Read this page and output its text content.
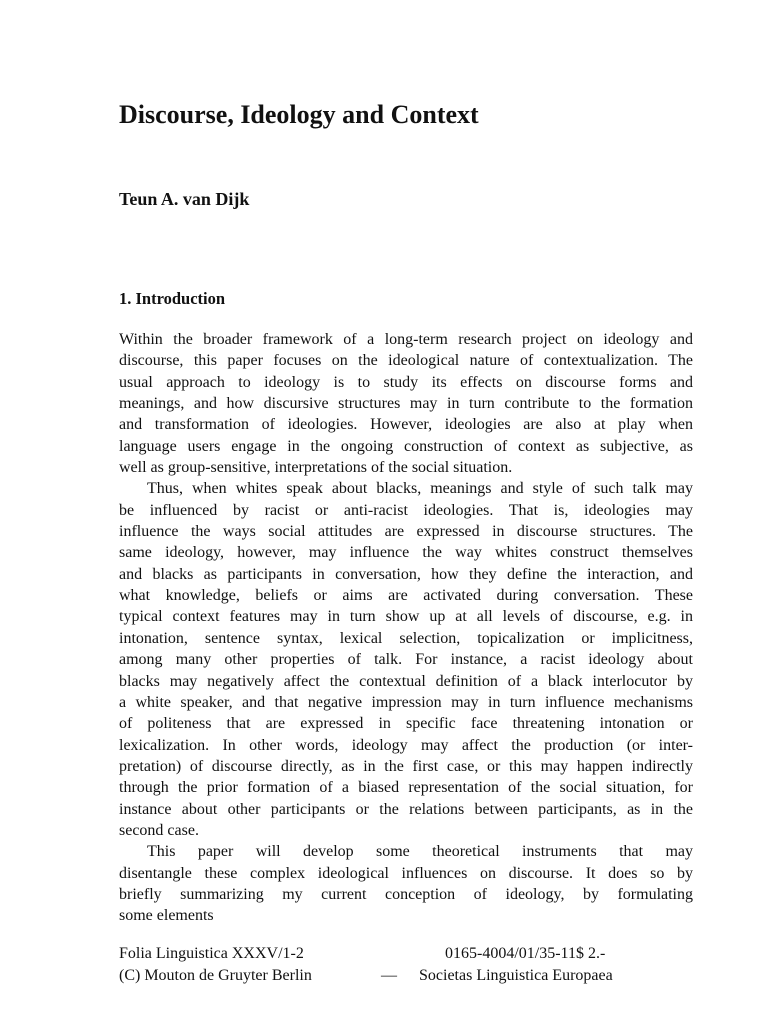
Discourse, Ideology and Context
Teun A. van Dijk
1. Introduction
Within the broader framework of a long-term research project on ideology and
discourse, this paper focuses on the ideological nature of contextualization. The
usual approach to ideology is to study its effects on discourse forms and
meanings, and how discursive structures may in turn contribute to the formation
and transformation of ideologies. However, ideologies are also at play when
language users engage in the ongoing construction of context as subjective, as
well as group-sensitive, interpretations of the social situation.
Thus, when whites speak about blacks, meanings and style of such talk may
be influenced by racist or anti-racist ideologies. That is, ideologies may
influence the ways social attitudes are expressed in discourse structures. The
same ideology, however, may influence the way whites construct themselves
and blacks as participants in conversation, how they define the interaction, and
what knowledge, beliefs or aims are activated during conversation. These
typical context features may in turn show up at all levels of discourse, e.g. in
intonation, sentence syntax, lexical selection, topicalization or implicitness,
among many other properties of talk. For instance, a racist ideology about
blacks may negatively affect the contextual definition of a black interlocutor by
a white speaker, and that negative impression may in turn influence mechanisms
of politeness that are expressed in specific face threatening intonation or
lexicalization. In other words, ideology may affect the production (or inter-
pretation) of discourse directly, as in the first case, or this may happen indirectly
through the prior formation of a biased representation of the social situation, for
instance about other participants or the relations between participants, as in the
second case.
This paper will develop some theoretical instruments that may
disentangle these complex ideological influences on discourse. It does so by
briefly summarizing my current conception of ideology, by formulating
some elements
Folia Linguistica XXXV/1-2	0165-4004/01/35-11$ 2.-
(C) Mouton de Gruyter Berlin	— Societas Linguistica Europaea
